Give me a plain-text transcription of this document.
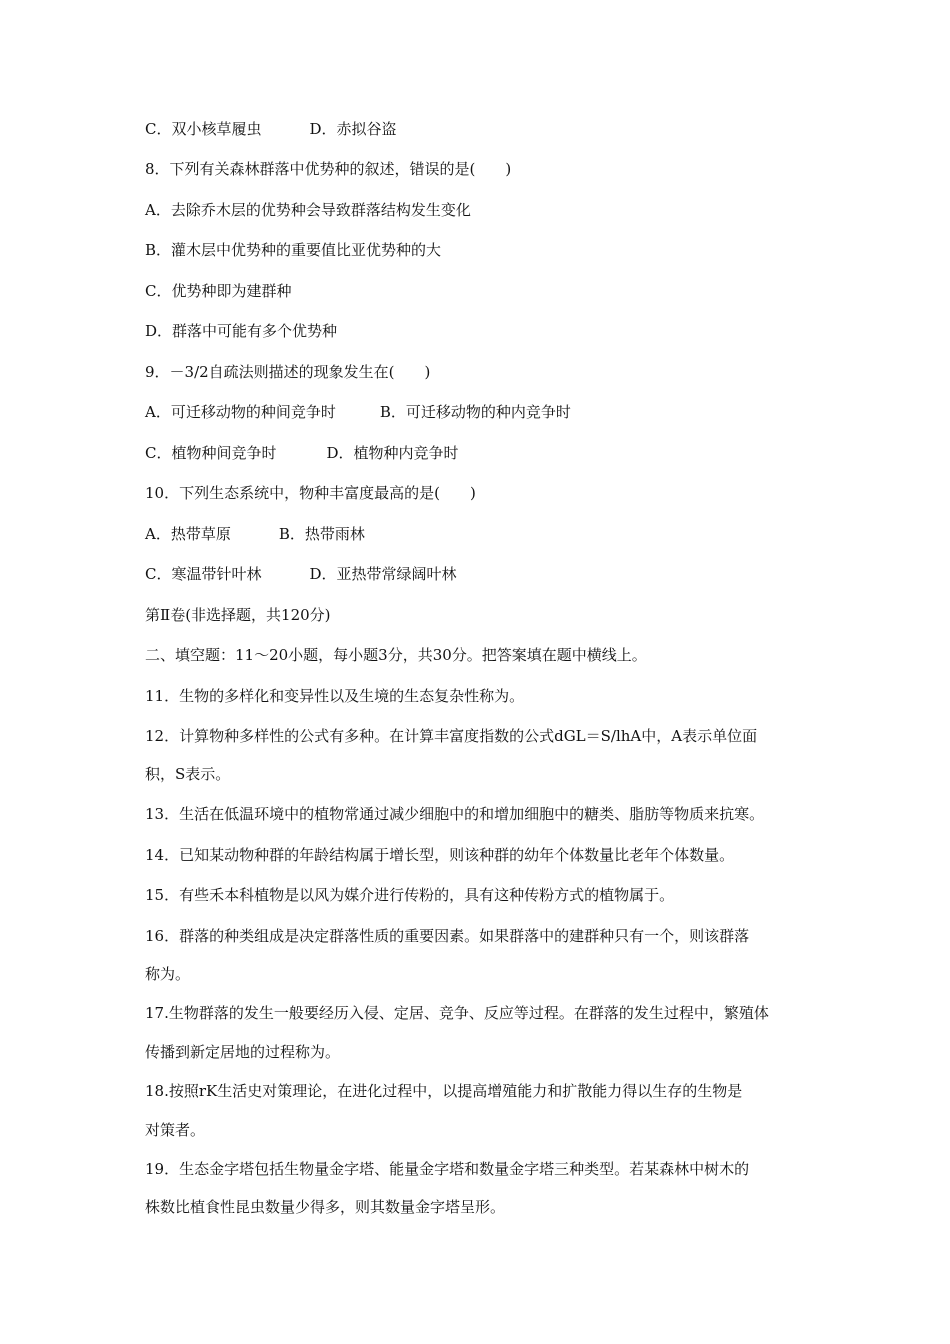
C．双小核草履虫	D．赤拟谷盗
8．下列有关森林群落中优势种的叙述，错误的是(　　)
A．去除乔木层的优势种会导致群落结构发生变化
B．灌木层中优势种的重要值比亚优势种的大
C．优势种即为建群种
D．群落中可能有多个优势种
9．－3/2自疏法则描述的现象发生在(　　)
A．可迁移动物的种间竞争时	B．可迁移动物的种内竞争时
C．植物种间竞争时	D．植物种内竞争时
10．下列生态系统中，物种丰富度最高的是(　　)
A．热带草原	B．热带雨林
C．寒温带针叶林	D．亚热带常绿阔叶林
第Ⅱ卷(非选择题，共120分)
二、填空题：11～20小题，每小题3分，共30分。把答案填在题中横线上。
11．生物的多样化和变异性以及生境的生态复杂性称为。
12．计算物种多样性的公式有多种。在计算丰富度指数的公式dGL＝S/lhA中，A表示单位面
积，S表示。
13．生活在低温环境中的植物常通过减少细胞中的和增加细胞中的糖类、脂肪等物质来抗寒。
14．已知某动物种群的年龄结构属于增长型，则该种群的幼年个体数量比老年个体数量。
15．有些禾本科植物是以风为媒介进行传粉的，具有这种传粉方式的植物属于。
16．群落的种类组成是决定群落性质的重要因素。如果群落中的建群种只有一个，则该群落
称为。
17.生物群落的发生一般要经历入侵、定居、竞争、反应等过程。在群落的发生过程中，繁殖体
传播到新定居地的过程称为。
18.按照rK生活史对策理论，在进化过程中，以提高增殖能力和扩散能力得以生存的生物是
对策者。
19．生态金字塔包括生物量金字塔、能量金字塔和数量金字塔三种类型。若某森林中树木的
株数比植食性昆虫数量少得多，则其数量金字塔呈形。
